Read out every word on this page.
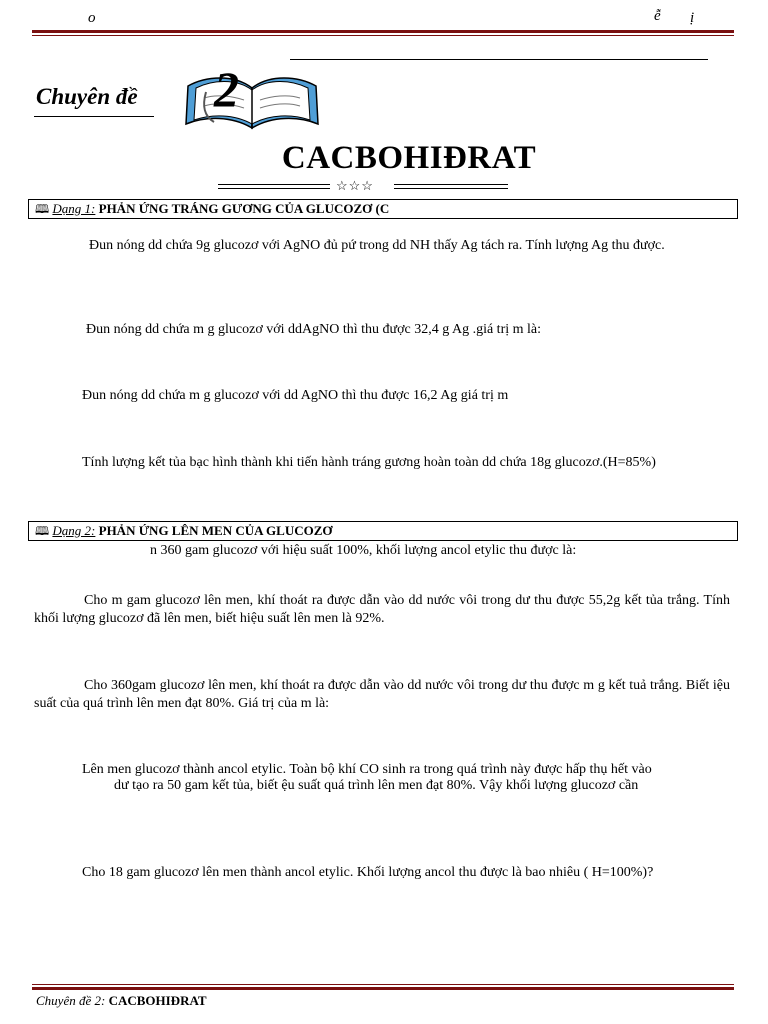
o	ễ ị
Chuyên đề 2
CACBOHIĐRAT
☆☆☆
🕮 Dạng 1: PHẢN ỨNG TRÁNG GƯƠNG CỦA GLUCOZƠ (C
Đun nóng dd chứa 9g glucozơ với AgNO đủ pứ trong dd NH thấy Ag tách ra. Tính lượng Ag thu được.
Đun nóng dd chứa m g glucozơ với ddAgNO thì thu được 32,4 g Ag .giá trị m là:
Đun nóng dd chứa m g glucozơ với dd AgNO thì thu được 16,2 Ag giá trị m
Tính lượng kết tủa bạc hình thành khi tiến hành tráng gương hoàn toàn dd chứa 18g glucozơ.(H=85%)
🕮 Dạng 2: PHẢN ỨNG LÊN MEN CỦA GLUCOZƠ
n 360 gam glucozơ với hiệu suất 100%, khối lượng ancol etylic thu được là:
Cho m gam glucozơ lên men, khí thoát ra được dẫn vào dd nước vôi trong dư thu được 55,2g kết tủa trắng. Tính khối lượng glucozơ đã lên men, biết hiệu suất lên men là 92%.
Cho 360gam glucozơ lên men, khí thoát ra được dẫn vào dd nước vôi trong dư thu được m g kết tuả trắng. Biết iệu suất của quá trình lên men đạt 80%. Giá trị của m là:
Lên men glucozơ thành ancol etylic. Toàn bộ khí CO sinh ra trong quá trình này được hấp thụ hết vào
dư tạo ra 50 gam kết tủa, biết ệu suất quá trình lên men đạt 80%. Vậy khối lượng glucozơ cần
Cho 18 gam glucozơ lên men thành ancol etylic. Khối lượng ancol thu được là bao nhiêu ( H=100%)?
Chuyên đề 2: CACBOHIĐRAT
